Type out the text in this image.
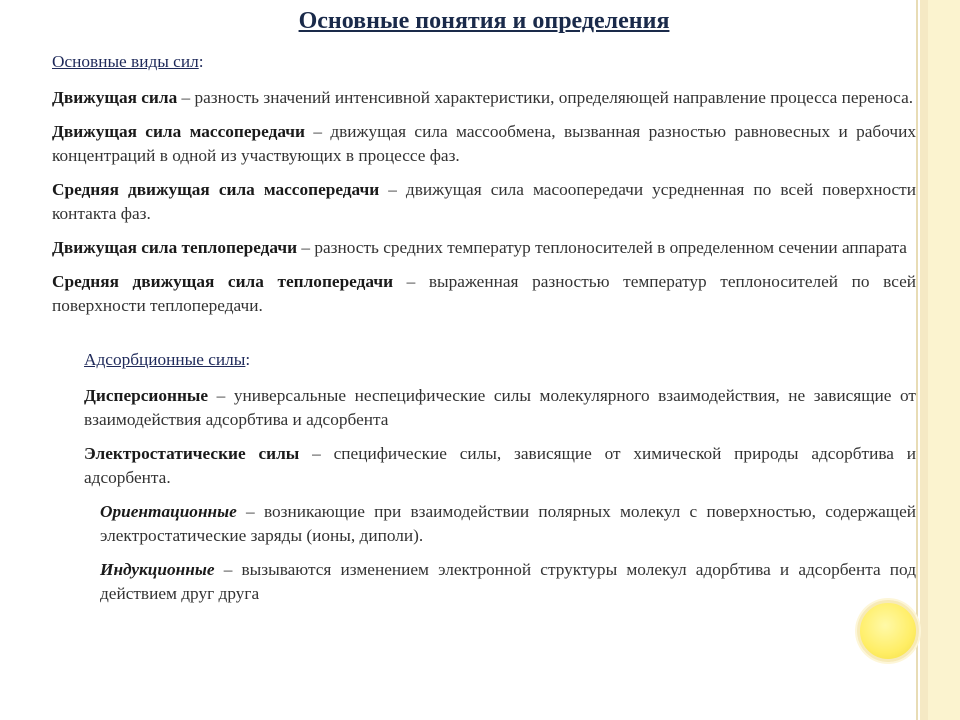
Основные понятия и определения
Основные виды сил:

Движущая сила – разность значений интенсивной характеристики, определяющей направление процесса переноса.

Движущая сила массопередачи – движущая сила массообмена, вызванная разностью равновесных и рабочих концентраций в одной из участвующих в процессе фаз.

Средняя движущая сила массопередачи – движущая сила масоопередачи усредненная по всей поверхности контакта фаз.

Движущая сила теплопередачи – разность средних температур теплоносителей в определенном сечении аппарата

Средняя движущая сила теплопередачи – выраженная разностью температур теплоносителей по всей поверхности теплопередачи.

Адсорбционные силы:

Дисперсионные – универсальные неспецифические силы молекулярного взаимодействия, не зависящие от взаимодействия адсорбтива и адсорбента

Электростатические силы – специфические силы, зависящие от химической природы адсорбтива и адсорбента.

Ориентационные – возникающие при взаимодействии полярных молекул с поверхностью, содержащей электростатические заряды (ионы, диполи).

Индукционные – вызываются изменением электронной структуры молекул адорбтива и адсорбента под действием друг друга
